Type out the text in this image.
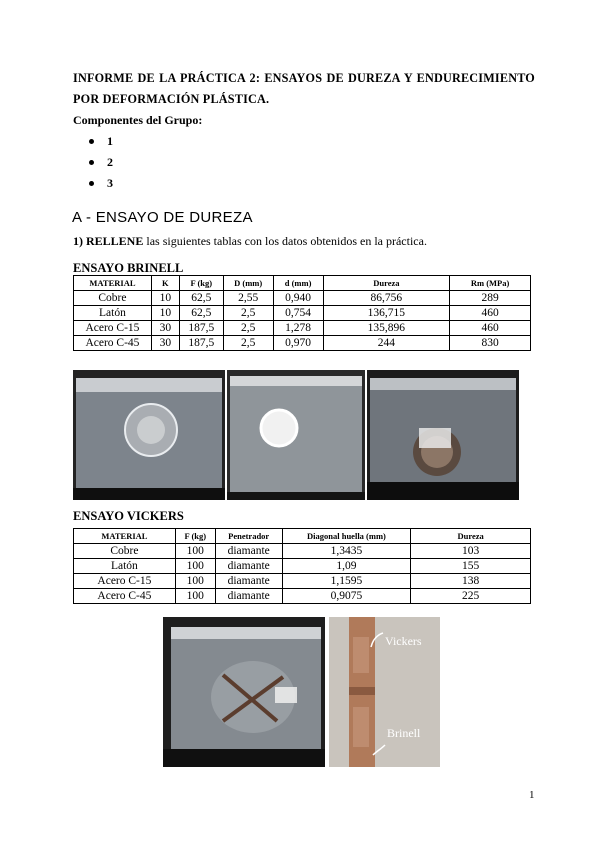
INFORME DE LA PRÁCTICA 2: ENSAYOS DE DUREZA Y ENDURECIMIENTO POR DEFORMACIÓN PLÁSTICA.
Componentes del Grupo:
1
2
3
A - ENSAYO DE DUREZA
1) RELLENE las siguientes tablas con los datos obtenidos en la práctica.
ENSAYO BRINELL
MATERIAL	K	F (kg)	D (mm)	d (mm)	Dureza	Rm (MPa)
Cobre	10	62,5	2,55	0,940	86,756	289
Latón	10	62,5	2,5	0,754	136,715	460
Acero C-15	30	187,5	2,5	1,278	135,896	460
Acero C-45	30	187,5	2,5	0,970	244	830
ENSAYO VICKERS
MATERIAL	F (kg)	Penetrador	Diagonal huella (mm)	Dureza
Cobre	100	diamante	1,3435	103
Latón	100	diamante	1,09	155
Acero C-15	100	diamante	1,1595	138
Acero C-45	100	diamante	0,9075	225
Vickers
Brinell
1
